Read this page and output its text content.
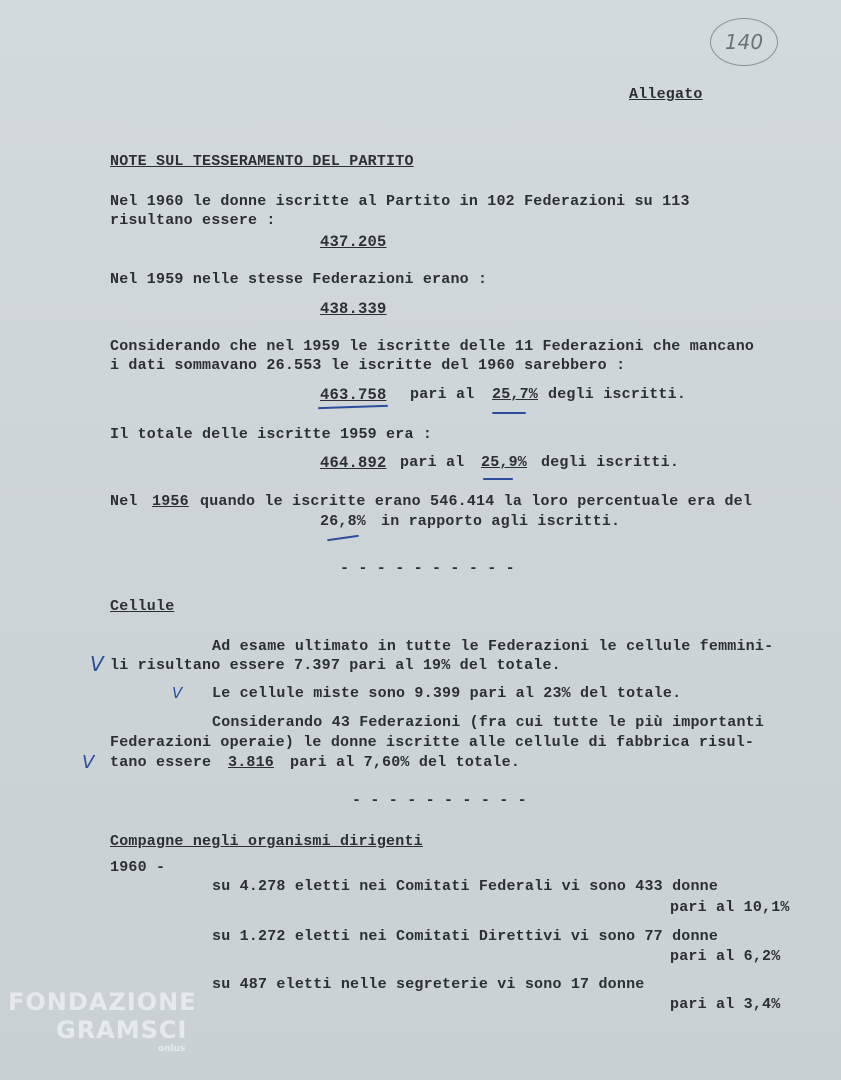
140
Allegato
NOTE SUL TESSERAMENTO DEL PARTITO
Nel 1960 le donne iscritte al Partito in 102 Federazioni su 113
risultano essere :
437.205
Nel 1959 nelle stesse Federazioni erano :
438.339
Considerando che nel 1959 le iscritte delle 11 Federazioni che mancano
i dati sommavano 26.553 le iscritte del 1960 sarebbero :
463.758 pari al 25,7% degli iscritti.
Il totale delle iscritte 1959 era :
464.892 pari al 25,9% degli iscritti.
Nel 1956 quando le iscritte erano 546.414 la loro percentuale era del
26,8% in rapporto agli iscritti.
- - - - - - - - - -
Cellule
Ad esame ultimato in tutte le Federazioni le cellule femmini-
li risultano essere 7.397 pari al 19% del totale.
Le cellule miste sono 9.399 pari al 23% del totale.
Considerando 43 Federazioni (fra cui tutte le più importanti
Federazioni operaie) le donne iscritte alle cellule di fabbrica risul-
tano essere 3.816 pari al 7,60% del totale.
V
V
V
- - - - - - - - - -
Compagne negli organismi dirigenti
1960 -
su 4.278 eletti nei Comitati Federali vi sono 433 donne
pari al 10,1%
su 1.272 eletti nei Comitati Direttivi vi sono 77 donne
pari al 6,2%
su 487 eletti nelle segreterie vi sono 17 donne
pari al 3,4%
FONDAZIONE
GRAMSCI
onlus
